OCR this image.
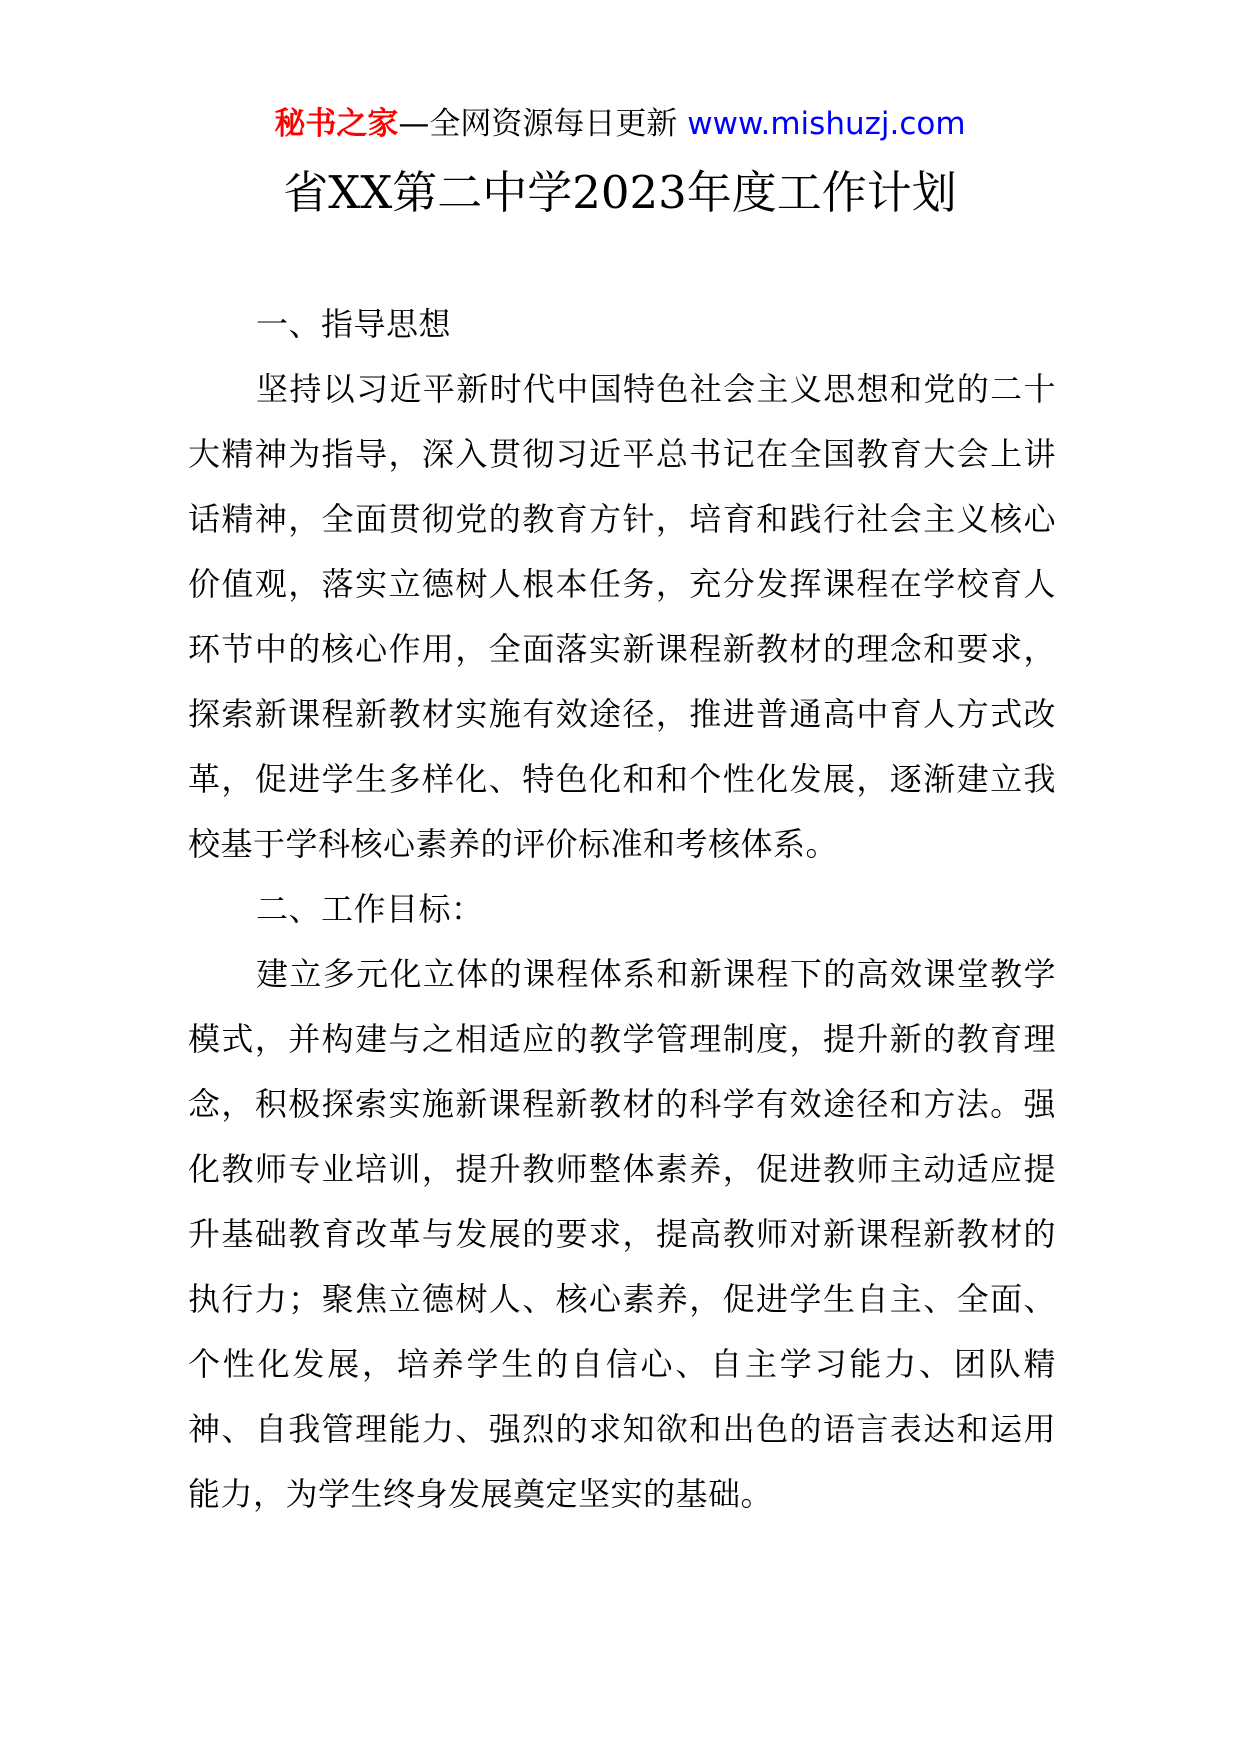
秘书之家—全网资源每日更新 www.mishuzj.com
省XX第二中学2023年度工作计划

一、指导思想

坚持以习近平新时代中国特色社会主义思想和党的二十大精神为指导，深入贯彻习近平总书记在全国教育大会上讲话精神，全面贯彻党的教育方针，培育和践行社会主义核心价值观，落实立德树人根本任务，充分发挥课程在学校育人环节中的核心作用，全面落实新课程新教材的理念和要求，探索新课程新教材实施有效途径，推进普通高中育人方式改革，促进学生多样化、特色化和和个性化发展，逐渐建立我校基于学科核心素养的评价标准和考核体系。

二、工作目标：

建立多元化立体的课程体系和新课程下的高效课堂教学模式，并构建与之相适应的教学管理制度，提升新的教育理念，积极探索实施新课程新教材的科学有效途径和方法。强化教师专业培训，提升教师整体素养，促进教师主动适应提升基础教育改革与发展的要求，提高教师对新课程新教材的执行力；聚焦立德树人、核心素养，促进学生自主、全面、个性化发展，培养学生的自信心、自主学习能力、团队精神、自我管理能力、强烈的求知欲和出色的语言表达和运用能力，为学生终身发展奠定坚实的基础。
